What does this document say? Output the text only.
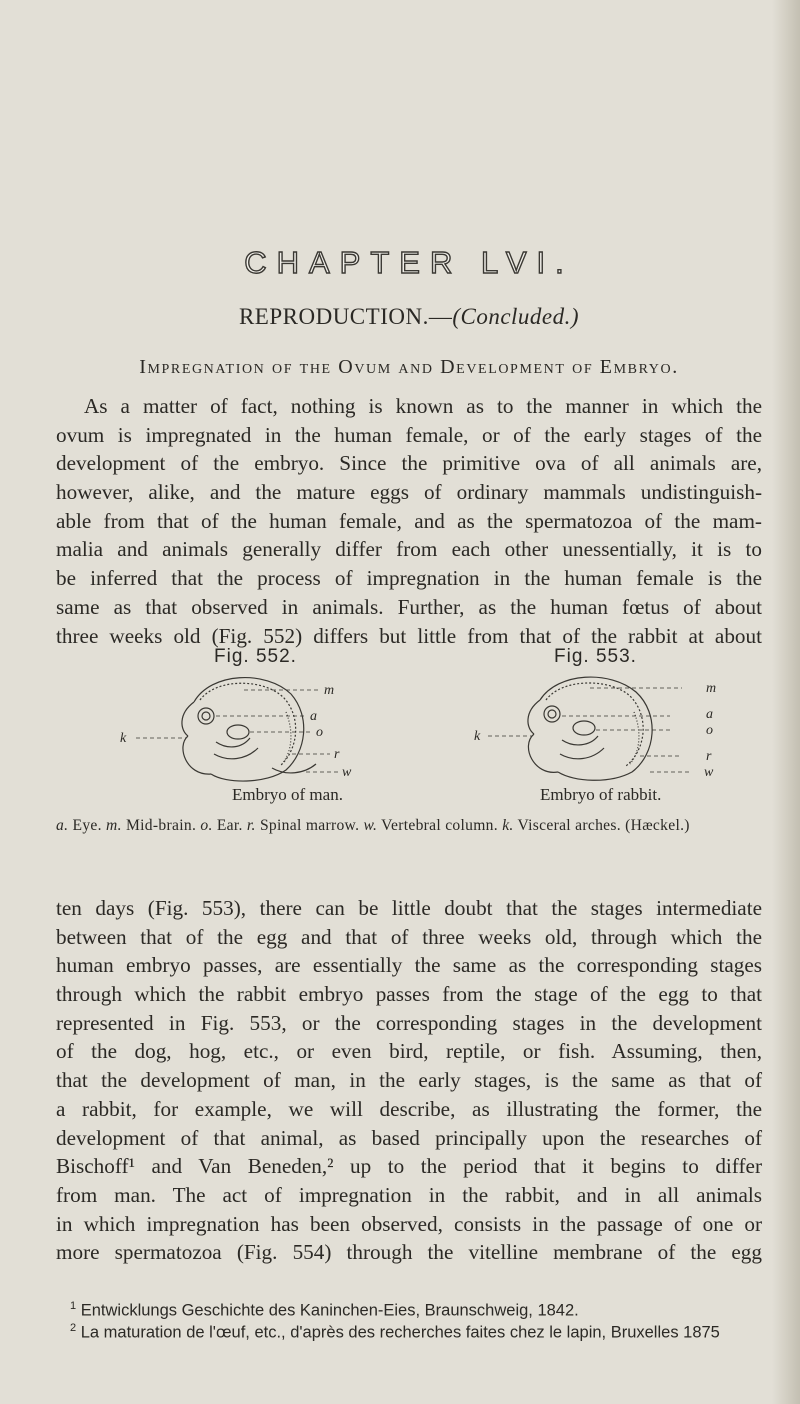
CHAPTER LVI.
REPRODUCTION.—(Concluded.)
Impregnation of the Ovum and Development of Embryo.
As a matter of fact, nothing is known as to the manner in which the
ovum is impregnated in the human female, or of the early stages of the
development of the embryo. Since the primitive ova of all animals are,
however, alike, and the mature eggs of ordinary mammals undistinguish-
able from that of the human female, and as the spermatozoa of the mam-
malia and animals generally differ from each other unessentially, it is to
be inferred that the process of impregnation in the human female is the
same as that observed in animals. Further, as the human fœtus of about
three weeks old (Fig. 552) differs but little from that of the rabbit at about
Fig. 552.
m
a
o
k
r
w
Embryo of man.
Fig. 553.
m
a
o
k
r
w
Embryo of rabbit.
a. Eye. m. Mid-brain. o. Ear. r. Spinal marrow. w. Vertebral column. k. Visceral arches. (Hæckel.)
ten days (Fig. 553), there can be little doubt that the stages intermediate
between that of the egg and that of three weeks old, through which the
human embryo passes, are essentially the same as the corresponding stages
through which the rabbit embryo passes from the stage of the egg to that
represented in Fig. 553, or the corresponding stages in the development
of the dog, hog, etc., or even bird, reptile, or fish. Assuming, then,
that the development of man, in the early stages, is the same as that of
a rabbit, for example, we will describe, as illustrating the former, the
development of that animal, as based principally upon the researches of
Bischoff¹ and Van Beneden,² up to the period that it begins to differ
from man. The act of impregnation in the rabbit, and in all animals
in which impregnation has been observed, consists in the passage of one or
more spermatozoa (Fig. 554) through the vitelline membrane of the egg
$^1$ Entwicklungs Geschichte des Kaninchen-Eies, Braunschweig, 1842.
$^2$ La maturation de l'œuf, etc., d'après des recherches faites chez le lapin, Bruxelles 1875
